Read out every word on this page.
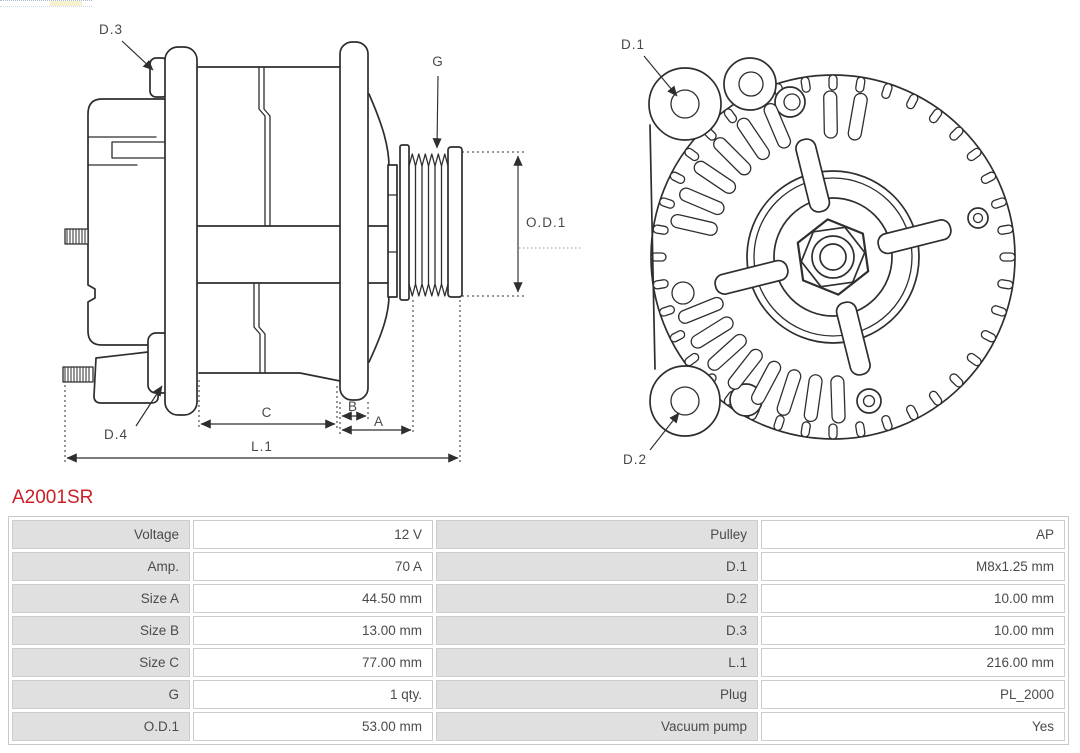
D.3
D.4
G
O.D.1
C	B
A
L.1
D.1
D.2
A2001SR
Voltage	12 V	Pulley	AP
Amp.	70 A	D.1	M8x1.25 mm
Size A	44.50 mm	D.2	10.00 mm
Size B	13.00 mm	D.3	10.00 mm
Size C	77.00 mm	L.1	216.00 mm
G	1 qty.	Plug	PL_2000
O.D.1	53.00 mm	Vacuum pump	Yes
